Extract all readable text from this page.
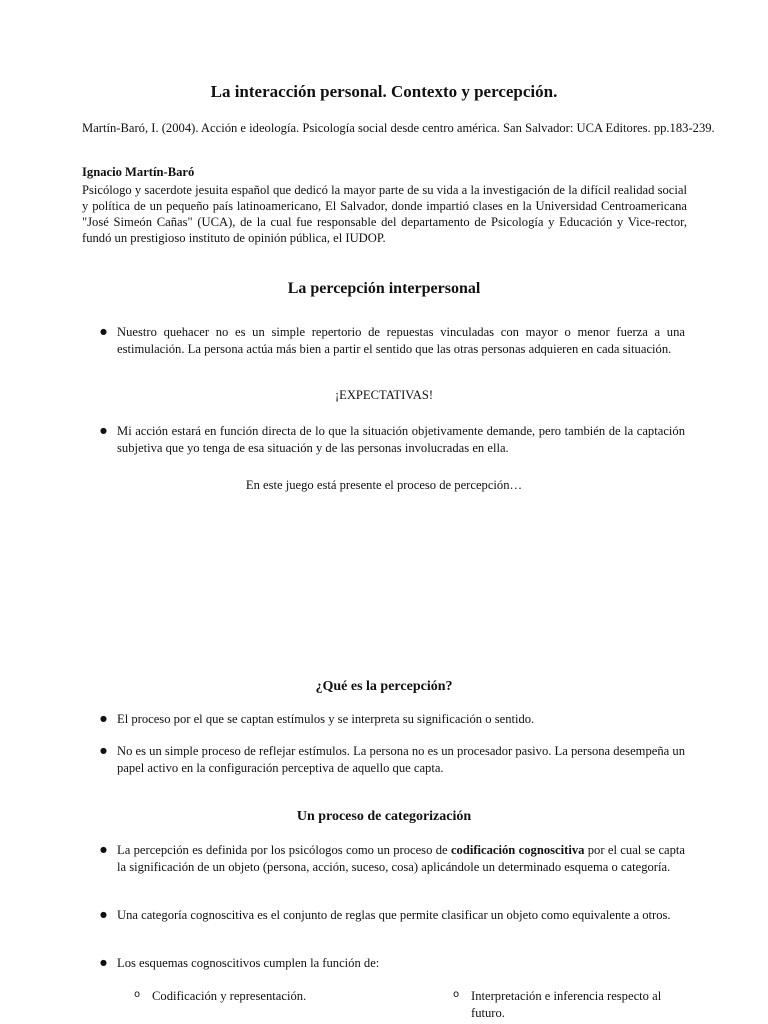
La interacción personal. Contexto y percepción.
Martín-Baró, I. (2004). Acción e ideología. Psicología social desde centro américa. San Salvador: UCA Editores. pp.183-239.
Ignacio Martín-Baró
Psicólogo y sacerdote jesuita español que dedicó la mayor parte de su vida a la investigación de la difícil realidad social y política de un pequeño país latinoamericano, El Salvador, donde impartió clases en la Universidad Centroamericana "José Simeón Cañas" (UCA), de la cual fue responsable del departamento de Psicología y Educación y Vice-rector, fundó un prestigioso instituto de opinión pública, el IUDOP.
La percepción interpersonal
● Nuestro quehacer no es un simple repertorio de repuestas vinculadas con mayor o menor fuerza a una estimulación. La persona actúa más bien a partir el sentido que las otras personas adquieren en cada situación.
¡EXPECTATIVAS!
● Mi acción estará en función directa de lo que la situación objetivamente demande, pero también de la captación subjetiva que yo tenga de esa situación y de las personas involucradas en ella.
En este juego está presente el proceso de percepción…
¿Qué es la percepción?
● El proceso por el que se captan estímulos y se interpreta su significación o sentido.
● No es un simple proceso de reflejar estímulos. La persona no es un procesador pasivo. La persona desempeña un papel activo en la configuración perceptiva de aquello que capta.
Un proceso de categorización
● La percepción es definida por los psicólogos como un proceso de codificación cognoscitiva por el cual se capta la significación de un objeto (persona, acción, suceso, cosa) aplicándole un determinado esquema o categoría.
● Una categoría cognoscitiva es el conjunto de reglas que permite clasificar un objeto como equivalente a otros.
● Los esquemas cognoscitivos cumplen la función de:
o Codificación y representación.
o	Interpretación e inferencia respecto al futuro.
